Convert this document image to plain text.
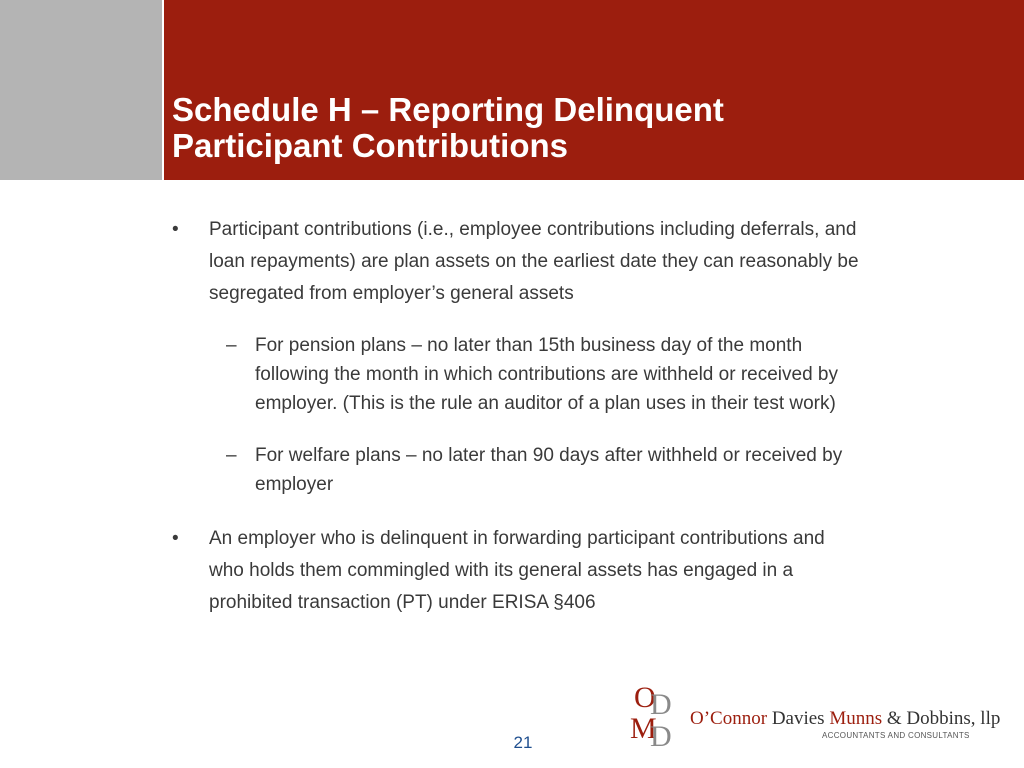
Schedule H – Reporting Delinquent
Participant Contributions
• Participant contributions (i.e., employee contributions including deferrals, and
loan repayments) are plan assets on the earliest date they can reasonably be
segregated from employer’s general assets
– For pension plans – no later than 15th business day of the month
following the month in which contributions are withheld or received by
employer. (This is the rule an auditor of a plan uses in their test work)
– For welfare plans – no later than 90 days after withheld or received by
employer
• An employer who is delinquent in forwarding participant contributions and
who holds them commingled with its general assets has engaged in a
prohibited transaction (PT) under ERISA §406
O
D
M
D
O’Connor Davies Munns & Dobbins, llp
ACCOUNTANTS AND CONSULTANTS
21
